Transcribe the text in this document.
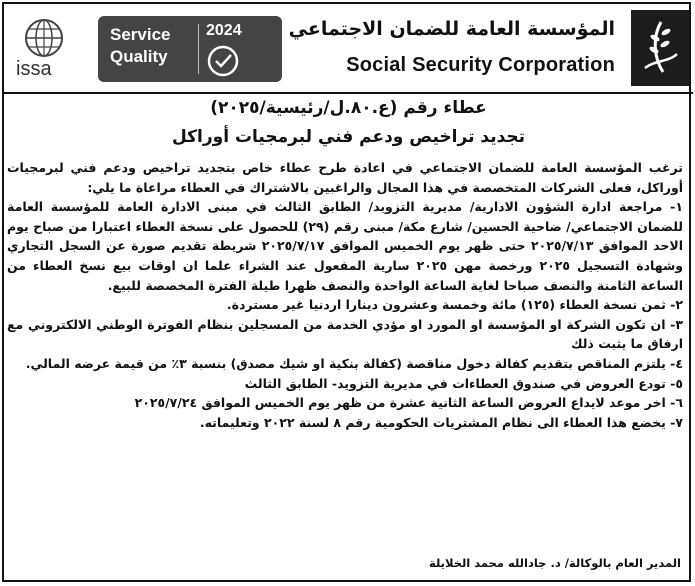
المؤسسة العامة للضمان الاجتماعي
Social Security Corporation
Service
Quality
2024
issa
عطاء رقم (ع.٨٠.ل/رئيسية/٢٠٢٥)
تجديد تراخيص ودعم فني لبرمجيات أوراكل

ترغب المؤسسة العامة للضمان الاجتماعي في اعادة طرح عطاء خاص بتجديد تراخيص ودعم فني لبرمجيات أوراكل، فعلى الشركات المتخصصة في هذا المجال والراغبين بالاشتراك في العطاء مراعاة ما يلي:

١- مراجعة ادارة الشؤون الادارية/ مديرية التزويد/ الطابق الثالث في مبنى الادارة العامة للمؤسسة العامة للضمان الاجتماعي/ ضاحية الحسين/ شارع مكة/ مبنى رقم (٢٩) للحصول على نسخة العطاء اعتبارا من صباح يوم الاحد الموافق ٢٠٢٥/٧/١٣ حتى ظهر يوم الخميس الموافق ٢٠٢٥/٧/١٧ شريطة تقديم صورة عن السجل التجاري وشهادة التسجيل ٢٠٢٥ ورخصة مهن ٢٠٢٥ سارية المفعول عند الشراء علما ان اوقات بيع نسخ العطاء من الساعة الثامنة والنصف صباحا لغاية الساعة الواحدة والنصف ظهرا طيلة الفترة المخصصة للبيع.

٢- ثمن نسخة العطاء (١٢٥) مائة وخمسة وعشرون دينارا اردنيا غير مستردة.

٣- ان تكون الشركة او المؤسسة او المورد او مؤدي الخدمة من المسجلين بنظام الفوترة الوطني الالكتروني مع ارفاق ما يثبت ذلك

٤- يلتزم المناقص بتقديم كفالة دخول مناقصة (كفالة بنكية او شيك مصدق) بنسبة ٣٪ من قيمة عرضه المالي.

٥- تودع العروض في صندوق العطاءات في مديرية التزويد- الطابق الثالث

٦- اخر موعد لايداع العروض الساعة الثانية عشرة من ظهر يوم الخميس الموافق ٢٠٢٥/٧/٢٤

٧- يخضع هذا العطاء الى نظام المشتريات الحكومية رقم ٨ لسنة ٢٠٢٢ وتعليماته.

المدير العام بالوكالة/ د. جادالله محمد الخلايلة
